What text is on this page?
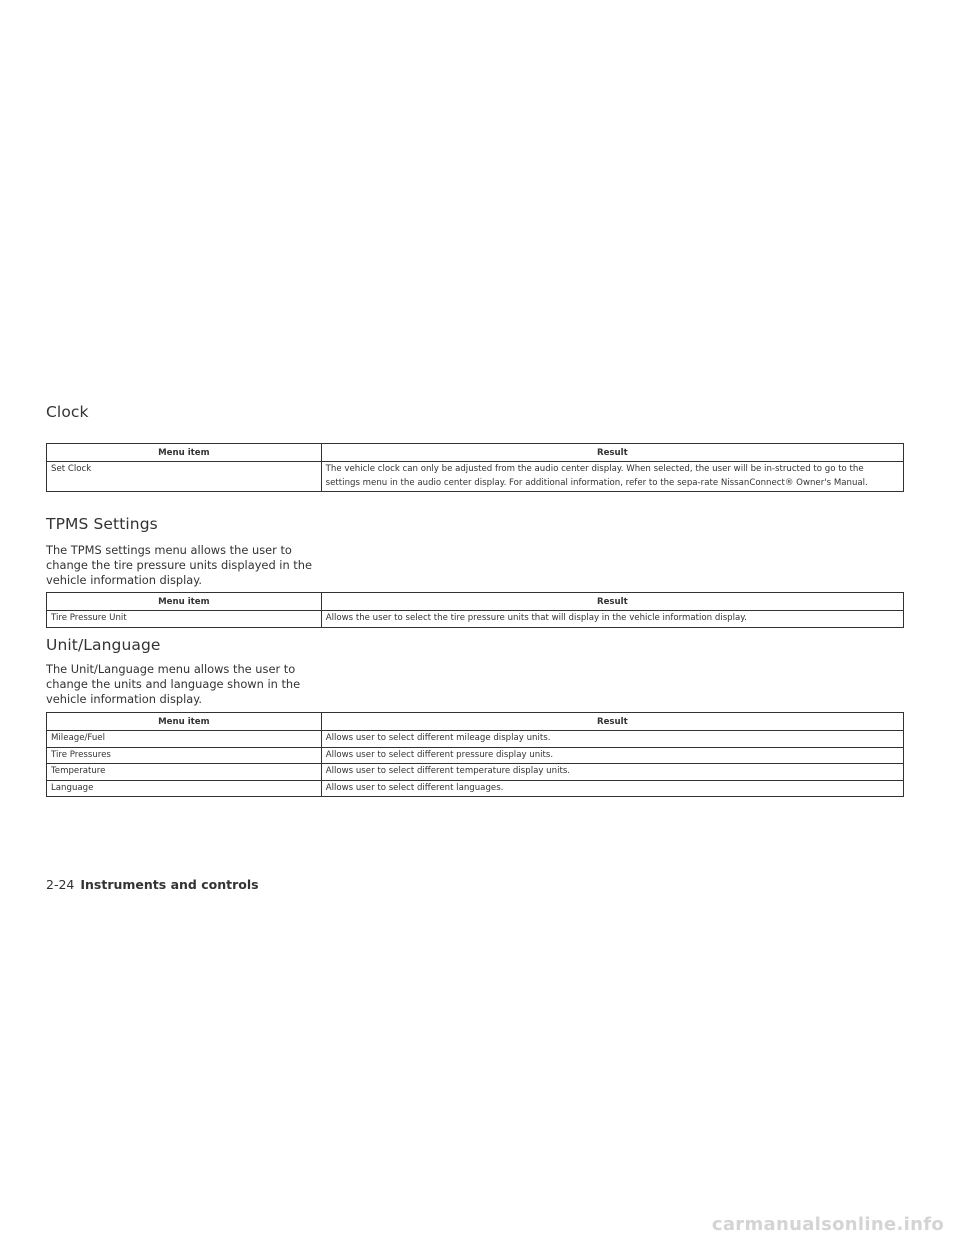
Clock
Menu item	Result
Set Clock	The vehicle clock can only be adjusted from the audio center display. When selected, the user will be in-structed to go to the settings menu in the audio center display. For additional information, refer to the sepa-rate NissanConnect® Owner's Manual.
TPMS Settings

The TPMS settings menu allows the user to change the tire pressure units displayed in the vehicle information display.

Menu item	Result
Tire Pressure Unit	Allows the user to select the tire pressure units that will display in the vehicle information display.
Unit/Language

The Unit/Language menu allows the user to change the units and language shown in the vehicle information display.

Menu item	Result
Mileage/Fuel	Allows user to select different mileage display units.
Tire Pressures	Allows user to select different pressure display units.
Temperature	Allows user to select different temperature display units.
Language	Allows user to select different languages.
2-24 Instruments and controls
carmanualsonline.info
